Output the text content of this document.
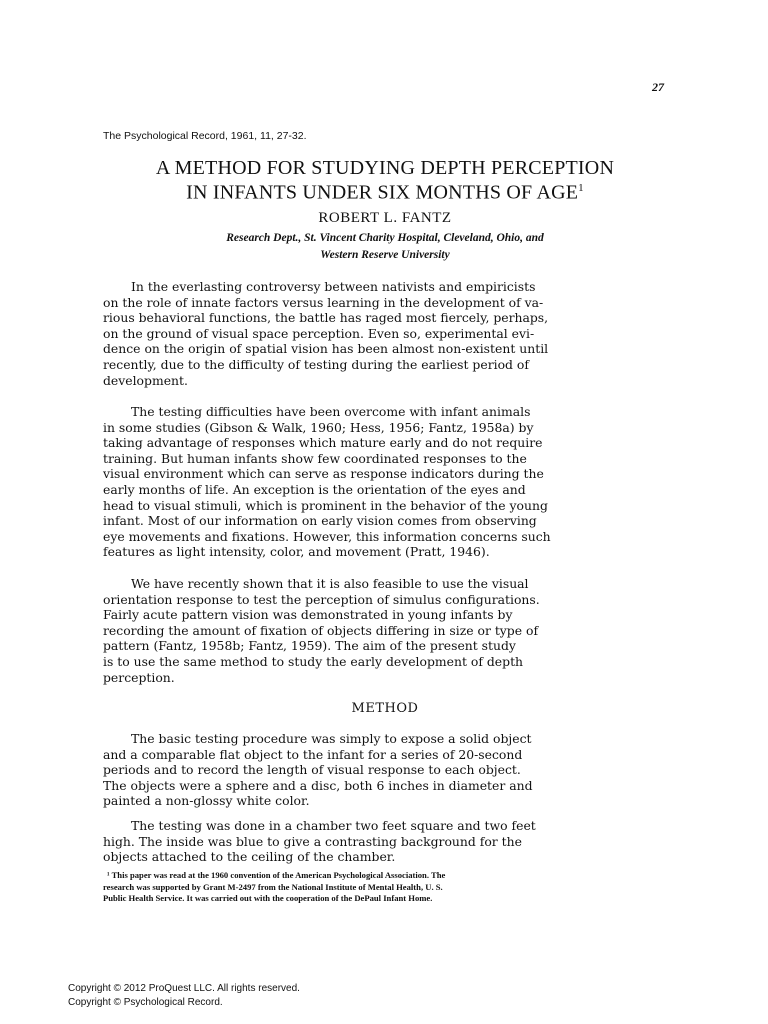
27
The Psychological Record, 1961, 11, 27-32.
A METHOD FOR STUDYING DEPTH PERCEPTION
IN INFANTS UNDER SIX MONTHS OF AGE$^1$
ROBERT L. FANTZ
Research Dept., St. Vincent Charity Hospital, Cleveland, Ohio, and
Western Reserve University
In the everlasting controversy between nativists and empiricists
on the role of innate factors versus learning in the development of va-
rious behavioral functions, the battle has raged most fiercely, perhaps,
on the ground of visual space perception. Even so, experimental evi-
dence on the origin of spatial vision has been almost non-existent until
recently, due to the difficulty of testing during the earliest period of
development.
The testing difficulties have been overcome with infant animals
in some studies (Gibson & Walk, 1960; Hess, 1956; Fantz, 1958a) by
taking advantage of responses which mature early and do not require
training. But human infants show few coordinated responses to the
visual environment which can serve as response indicators during the
early months of life. An exception is the orientation of the eyes and
head to visual stimuli, which is prominent in the behavior of the young
infant. Most of our information on early vision comes from observing
eye movements and fixations. However, this information concerns such
features as light intensity, color, and movement (Pratt, 1946).
We have recently shown that it is also feasible to use the visual
orientation response to test the perception of simulus configurations.
Fairly acute pattern vision was demonstrated in young infants by
recording the amount of fixation of objects differing in size or type of
pattern (Fantz, 1958b; Fantz, 1959). The aim of the present study
is to use the same method to study the early development of depth
perception.
METHOD
The basic testing procedure was simply to expose a solid object
and a comparable flat object to the infant for a series of 20-second
periods and to record the length of visual response to each object.
The objects were a sphere and a disc, both 6 inches in diameter and
painted a non-glossy white color.
The testing was done in a chamber two feet square and two feet
high. The inside was blue to give a contrasting background for the
objects attached to the ceiling of the chamber.
¹ This paper was read at the 1960 convention of the American Psychological Association. The
research was supported by Grant M-2497 from the National Institute of Mental Health, U. S.
Public Health Service. It was carried out with the cooperation of the DePaul Infant Home.
Copyright © 2012 ProQuest LLC. All rights reserved.
Copyright © Psychological Record.
